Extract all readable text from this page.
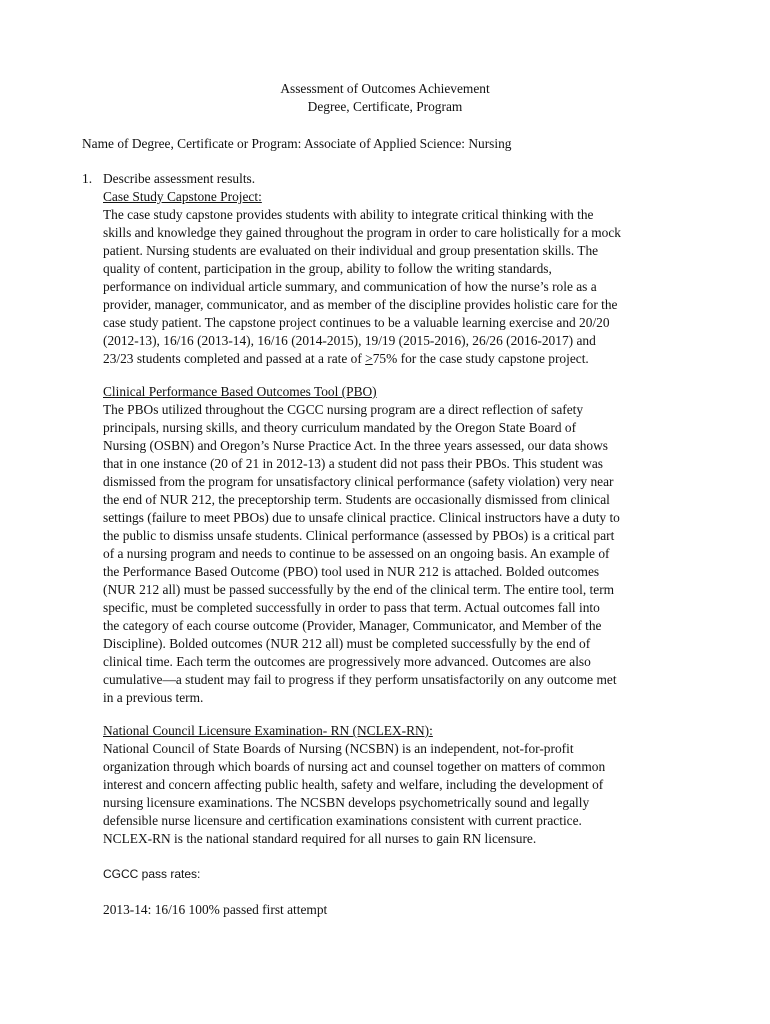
Assessment of Outcomes Achievement
Degree, Certificate, Program
Name of Degree, Certificate or Program: Associate of Applied Science: Nursing
1. Describe assessment results.
Case Study Capstone Project:
The case study capstone provides students with ability to integrate critical thinking with the
skills and knowledge they gained throughout the program in order to care holistically for a mock
patient. Nursing students are evaluated on their individual and group presentation skills. The
quality of content, participation in the group, ability to follow the writing standards,
performance on individual article summary, and communication of how the nurse’s role as a
provider, manager, communicator, and as member of the discipline provides holistic care for the
case study patient. The capstone project continues to be a valuable learning exercise and 20/20
(2012-13), 16/16 (2013-14), 16/16 (2014-2015), 19/19 (2015-2016), 26/26 (2016-2017) and
23/23 students completed and passed at a rate of >75% for the case study capstone project.
Clinical Performance Based Outcomes Tool (PBO)
The PBOs utilized throughout the CGCC nursing program are a direct reflection of safety
principals, nursing skills, and theory curriculum mandated by the Oregon State Board of
Nursing (OSBN) and Oregon’s Nurse Practice Act. In the three years assessed, our data shows
that in one instance (20 of 21 in 2012-13) a student did not pass their PBOs. This student was
dismissed from the program for unsatisfactory clinical performance (safety violation) very near
the end of NUR 212, the preceptorship term. Students are occasionally dismissed from clinical
settings (failure to meet PBOs) due to unsafe clinical practice. Clinical instructors have a duty to
the public to dismiss unsafe students. Clinical performance (assessed by PBOs) is a critical part
of a nursing program and needs to continue to be assessed on an ongoing basis. An example of
the Performance Based Outcome (PBO) tool used in NUR 212 is attached. Bolded outcomes
(NUR 212 all) must be passed successfully by the end of the clinical term. The entire tool, term
specific, must be completed successfully in order to pass that term. Actual outcomes fall into
the category of each course outcome (Provider, Manager, Communicator, and Member of the
Discipline). Bolded outcomes (NUR 212 all) must be completed successfully by the end of
clinical time. Each term the outcomes are progressively more advanced. Outcomes are also
cumulative—a student may fail to progress if they perform unsatisfactorily on any outcome met
in a previous term.
National Council Licensure Examination- RN (NCLEX-RN):
National Council of State Boards of Nursing (NCSBN) is an independent, not-for-profit
organization through which boards of nursing act and counsel together on matters of common
interest and concern affecting public health, safety and welfare, including the development of
nursing licensure examinations. The NCSBN develops psychometrically sound and legally
defensible nurse licensure and certification examinations consistent with current practice.
NCLEX-RN is the national standard required for all nurses to gain RN licensure.
CGCC pass rates:
2013-14: 16/16 100% passed first attempt
